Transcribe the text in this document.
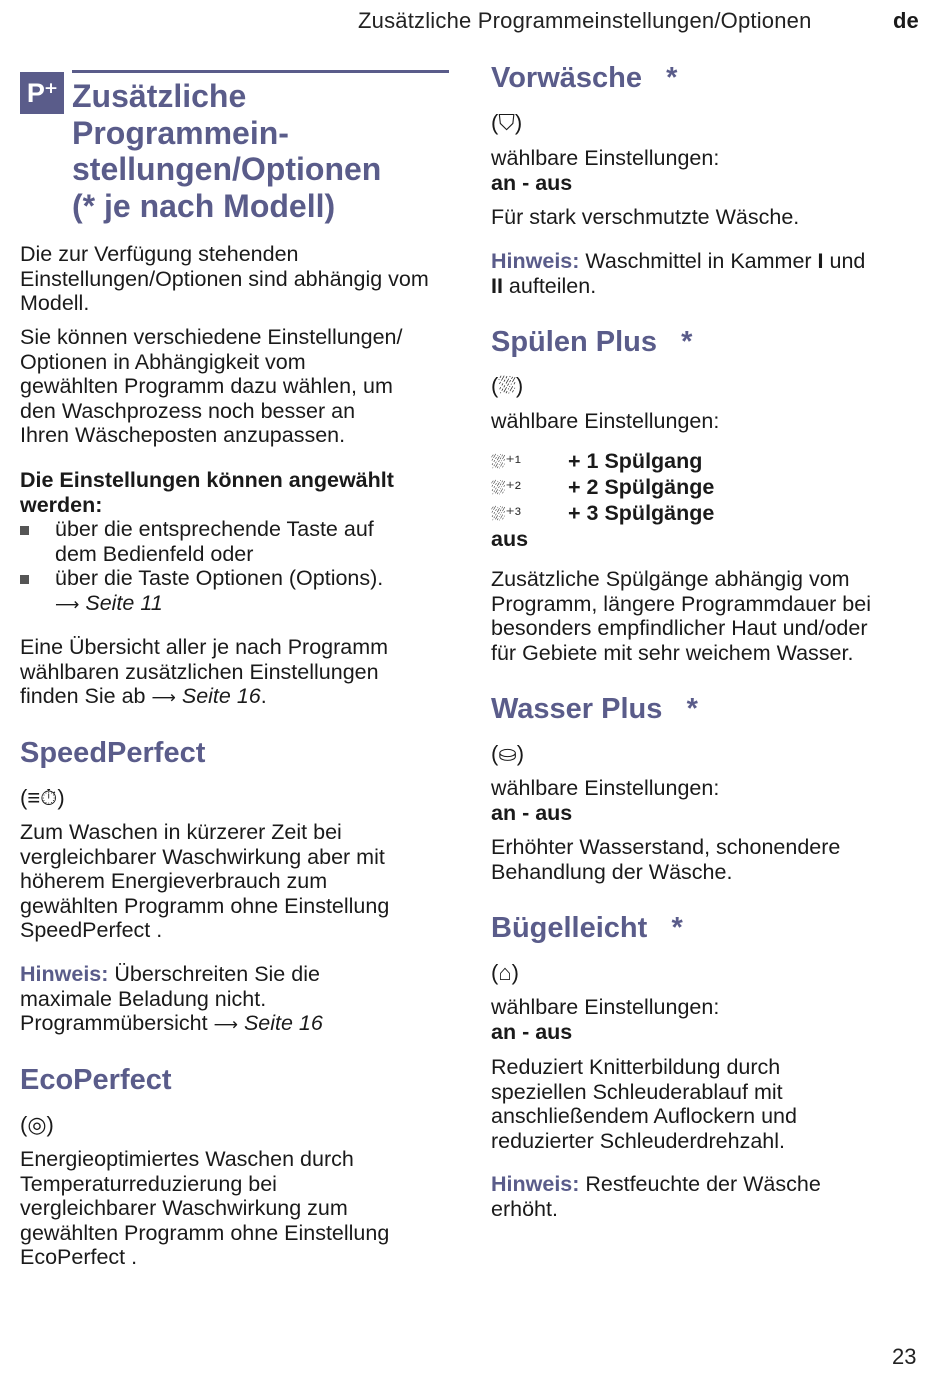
Zusätzliche Programmeinstellungen/Optionen	de
P⁺ Zusätzliche
Programmein-
stellungen/Optionen
(* je nach Modell)
Die zur Verfügung stehenden Einstellungen/Optionen sind abhängig vom Modell.
Sie können verschiedene Einstellungen/
Optionen in Abhängigkeit vom
gewählten Programm dazu wählen, um
den Waschprozess noch besser an
Ihren Wäscheposten anzupassen.
Die Einstellungen können angewählt
werden:
über die entsprechende Taste auf
dem Bedienfeld oder
über die Taste Optionen (Options).
⟶ Seite 11
Eine Übersicht aller je nach Programm
wählbaren zusätzlichen Einstellungen
finden Sie ab ⟶ Seite 16.
SpeedPerfect
(≡⏱)
Zum Waschen in kürzerer Zeit bei
vergleichbarer Waschwirkung aber mit
höherem Energieverbrauch zum
gewählten Programm ohne Einstellung
SpeedPerfect .
Hinweis: Überschreiten Sie die
maximale Beladung nicht.
Programmübersicht ⟶ Seite 16
EcoPerfect
(◎)
Energieoptimiertes Waschen durch
Temperaturreduzierung bei
vergleichbarer Waschwirkung zum
gewählten Programm ohne Einstellung
EcoPerfect .
Vorwäsche *
(⛉)
wählbare Einstellungen:
an - aus
Für stark verschmutzte Wäsche.
Hinweis: Waschmittel in Kammer I und
II aufteilen.
Spülen Plus *
(⛆)
wählbare Einstellungen:
⛆⁺¹ + 1 Spülgang
⛆⁺² + 2 Spülgänge
⛆⁺³ + 3 Spülgänge
aus
Zusätzliche Spülgänge abhängig vom
Programm, längere Programmdauer bei
besonders empfindlicher Haut und/oder
für Gebiete mit sehr weichem Wasser.
Wasser Plus *
(⛀)
wählbare Einstellungen:
an - aus
Erhöhter Wasserstand, schonendere
Behandlung der Wäsche.
Bügelleicht *
(⌂)
wählbare Einstellungen:
an - aus
Reduziert Knitterbildung durch
speziellen Schleuderablauf mit
anschließendem Auflockern und
reduzierter Schleuderdrehzahl.
Hinweis: Restfeuchte der Wäsche
erhöht.
23
